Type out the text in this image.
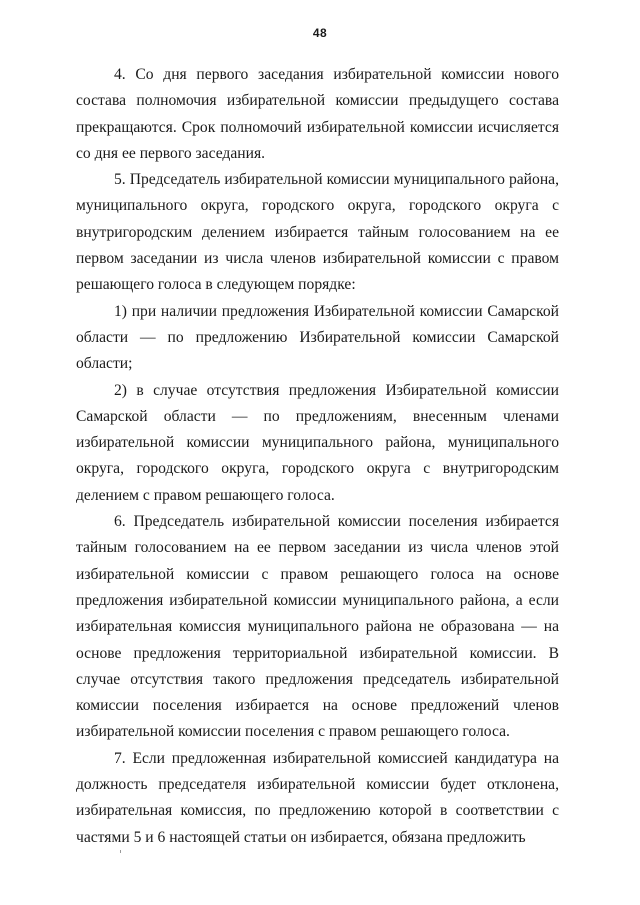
48

4. Со дня первого заседания избирательной комиссии нового состава полномочия избирательной комиссии предыдущего состава прекращаются. Срок полномочий избирательной комиссии исчисляется со дня ее первого заседания.

5. Председатель избирательной комиссии муниципального района, муниципального округа, городского округа, городского округа с внутригородским делением избирается тайным голосованием на ее первом заседании из числа членов избирательной комиссии с правом решающего голоса в следующем порядке:

1) при наличии предложения Избирательной комиссии Самарской области — по предложению Избирательной комиссии Самарской области;

2) в случае отсутствия предложения Избирательной комиссии Самарской области — по предложениям, внесенным членами избирательной комиссии муниципального района, муниципального округа, городского округа, городского округа с внутригородским делением с правом решающего голоса.

6. Председатель избирательной комиссии поселения избирается тайным голосованием на ее первом заседании из числа членов этой избирательной комиссии с правом решающего голоса на основе предложения избирательной комиссии муниципального района, а если избирательная комиссия муниципального района не образована — на основе предложения территориальной избирательной комиссии. В случае отсутствия такого предложения председатель избирательной комиссии поселения избирается на основе предложений членов избирательной комиссии поселения с правом решающего голоса.

7. Если предложенная избирательной комиссией кандидатура на должность председателя избирательной комиссии будет отклонена, избирательная комиссия, по предложению которой в соответствии с частями 5 и 6 настоящей статьи он избирается, обязана предложить
